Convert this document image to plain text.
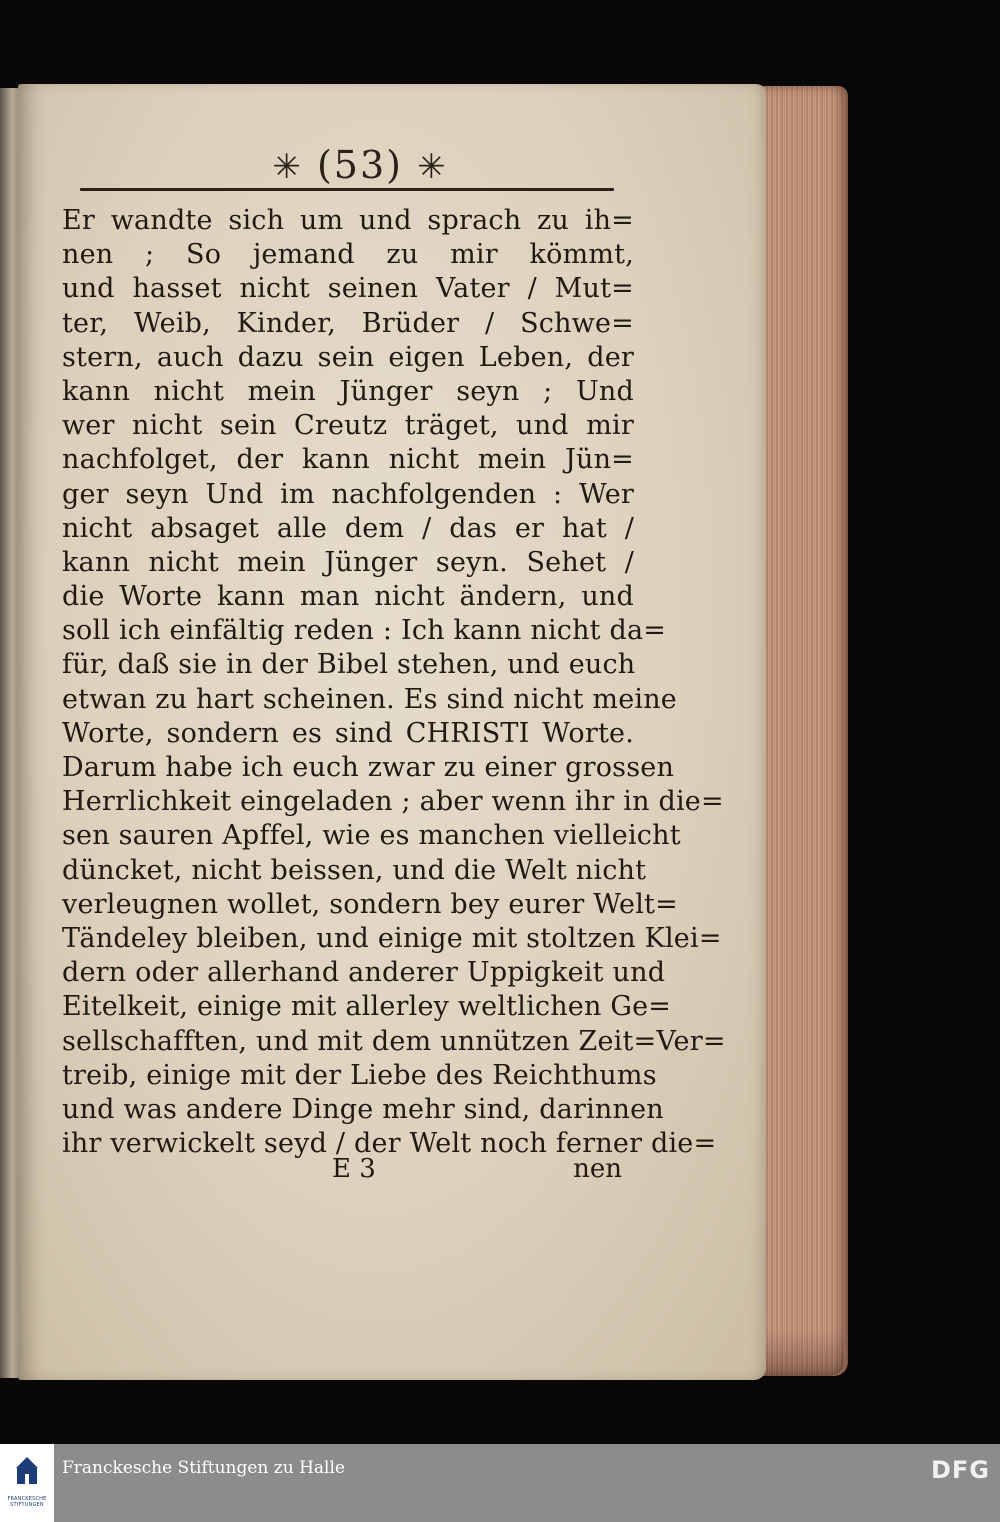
✳ (53) ✳
Er wandte sich um und sprach zu ih=
nen ; So jemand zu mir kömmt,
und hasset nicht seinen Vater / Mut=
ter, Weib, Kinder, Brüder / Schwe=
stern, auch dazu sein eigen Leben, der
kann nicht mein Jünger seyn ; Und
wer nicht sein Creutz träget, und mir
nachfolget, der kann nicht mein Jün=
ger seyn Und im nachfolgenden : Wer
nicht absaget alle dem / das er hat /
kann nicht mein Jünger seyn. Sehet /
die Worte kann man nicht ändern, und
soll ich einfältig reden : Ich kann nicht da=
für, daß sie in der Bibel stehen, und euch
etwan zu hart scheinen. Es sind nicht meine
Worte, sondern es sind CHRISTI Worte.
Darum habe ich euch zwar zu einer grossen
Herrlichkeit eingeladen ; aber wenn ihr in die=
sen sauren Apffel, wie es manchen vielleicht
düncket, nicht beissen, und die Welt nicht
verleugnen wollet, sondern bey eurer Welt=
Tändeley bleiben, und einige mit stoltzen Klei=
dern oder allerhand anderer Uppigkeit und
Eitelkeit, einige mit allerley weltlichen Ge=
sellschafften, und mit dem unnützen Zeit=Ver=
treib, einige mit der Liebe des Reichthums
und was andere Dinge mehr sind, darinnen
ihr verwickelt seyd / der Welt noch ferner die=
E 3	nen
FRANCKESCHE STIFTUNGEN
Franckesche Stiftungen zu Halle	DFG
